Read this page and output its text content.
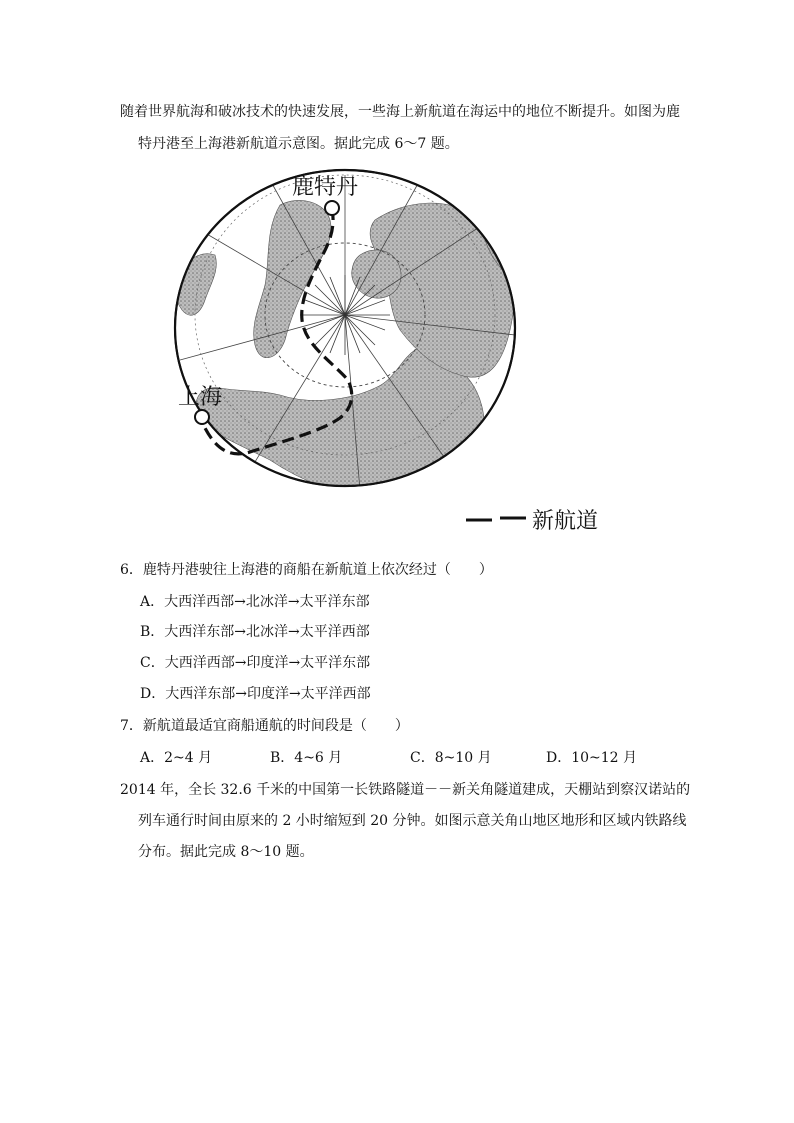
随着世界航海和破冰技术的快速发展，一些海上新航道在海运中的地位不断提升。如图为鹿
特丹港至上海港新航道示意图。据此完成 6～7 题。
鹿特丹
上海
新航道
6．鹿特丹港驶往上海港的商船在新航道上依次经过（　　）
A．大西洋西部→北冰洋→太平洋东部
B．大西洋东部→北冰洋→太平洋西部
C．大西洋西部→印度洋→太平洋东部
D．大西洋东部→印度洋→太平洋西部
7．新航道最适宜商船通航的时间段是（　　）
A．2~4 月	B．4~6 月	C．8~10 月	D．10~12 月
2014 年，全长 32.6 千米的中国第一长铁路隧道－－新关角隧道建成，天棚站到察汉诺站的
列车通行时间由原来的 2 小时缩短到 20 分钟。如图示意关角山地区地形和区域内铁路线
分布。据此完成 8～10 题。
